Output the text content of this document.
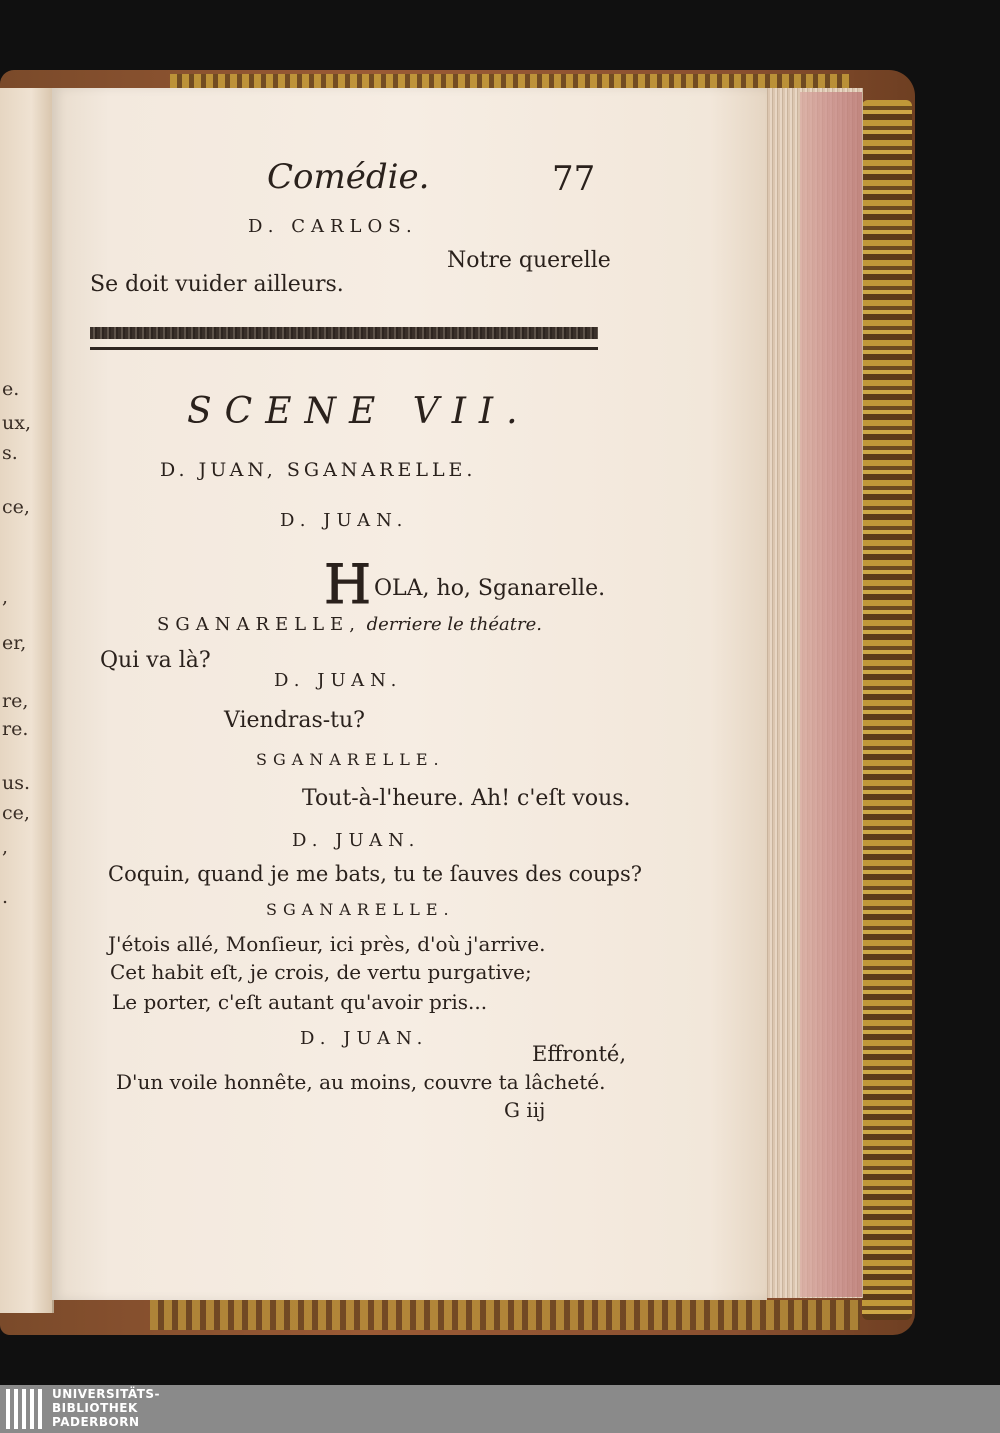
e.
ux,
s.
ce,
,
er,
re,
re.
us.
ce,
,
.
Comédie.	77
D. CARLOS.
Notre querelle
Se doit vuider ailleurs.
SCENE VII.
D. JUAN, SGANARELLE.
D. JUAN.
H OLA, ho, Sganarelle.
SGANARELLE, derriere le théatre.
Qui va là?
D. JUAN.
Viendras-tu?
SGANARELLE.
Tout-à-l'heure. Ah! c'eſt vous.
D. JUAN.
Coquin, quand je me bats, tu te ſauves des coups?
SGANARELLE.
J'étois allé, Monſieur, ici près, d'où j'arrive.
Cet habit eſt, je crois, de vertu purgative;
Le porter, c'eſt autant qu'avoir pris...
D. JUAN.
Effronté,
D'un voile honnête, au moins, couvre ta lâcheté.
G iij
UNIVERSITÄTS-
BIBLIOTHEK
PADERBORN
